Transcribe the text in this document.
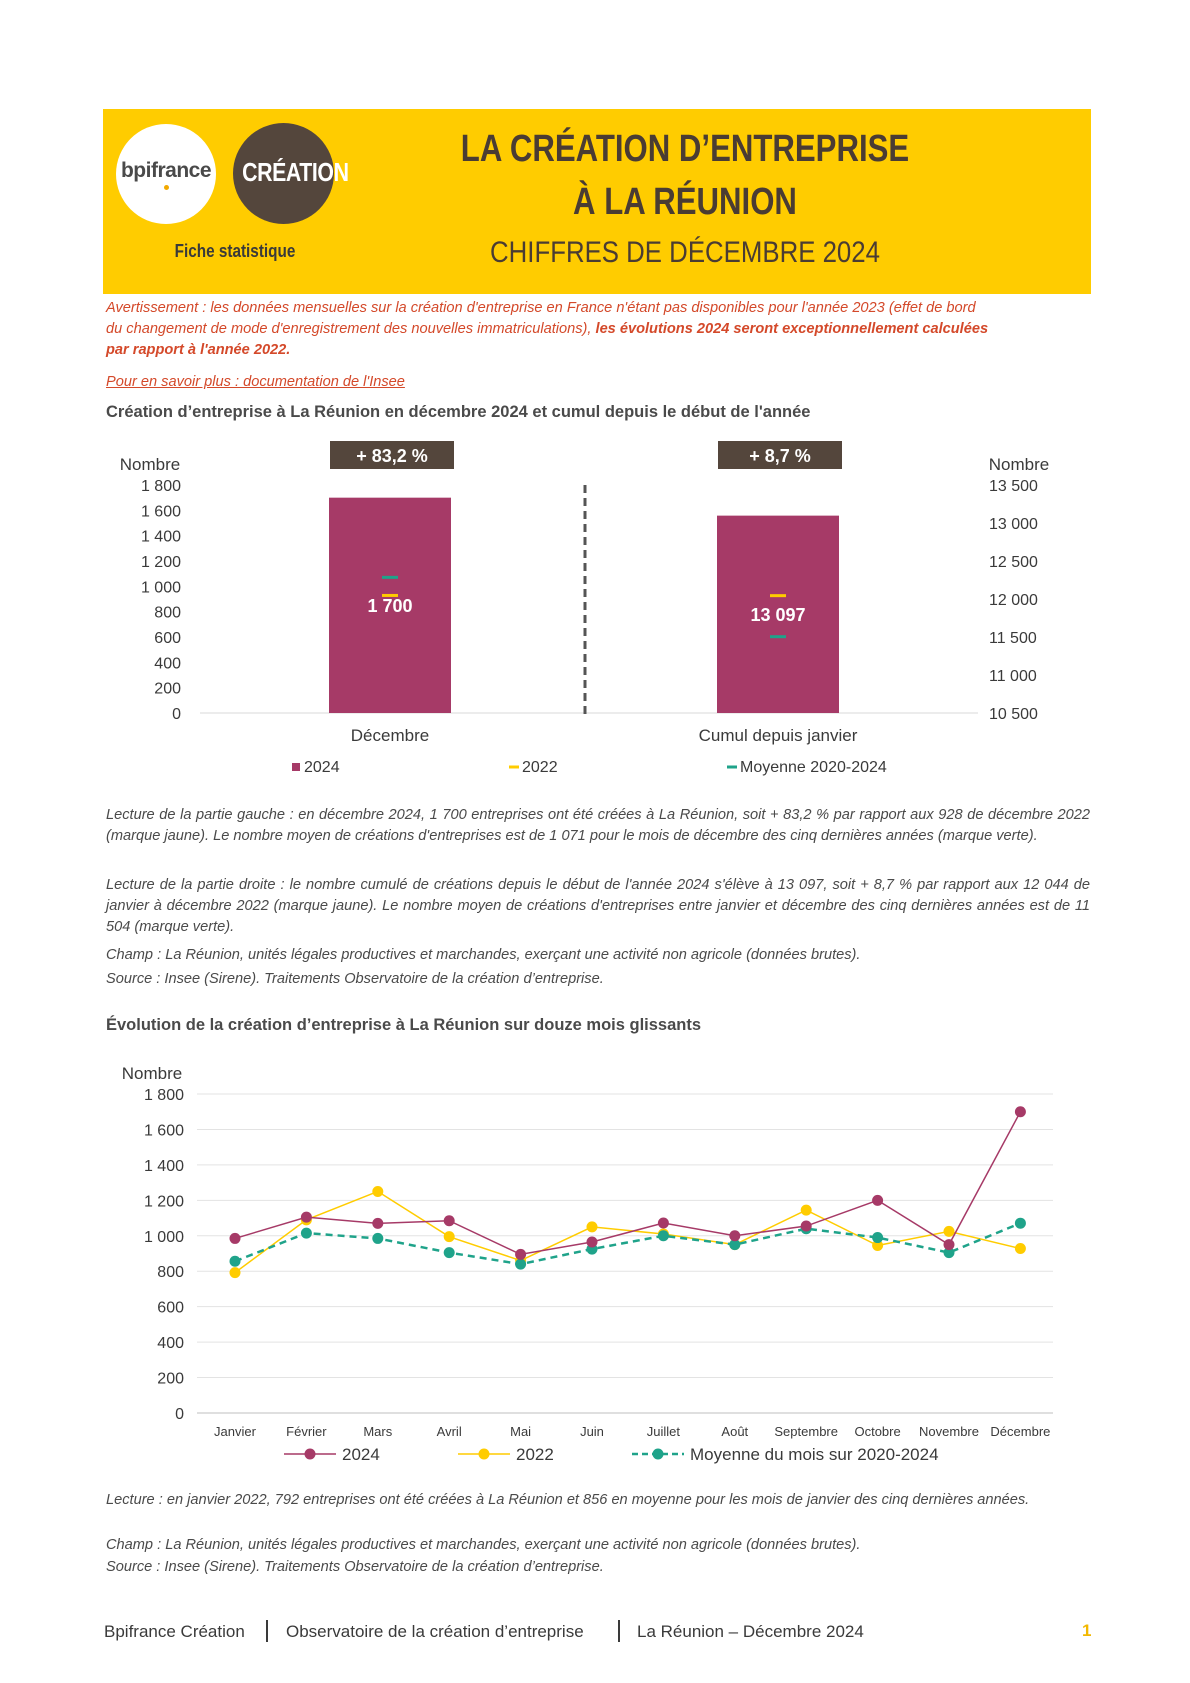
bpifrance CRÉATION
Fiche statistique
LA CRÉATION D’ENTREPRISE
À LA RÉUNION
CHIFFRES DE DÉCEMBRE 2024
Avertissement : les données mensuelles sur la création d'entreprise en France n'étant pas disponibles pour l'année 2023 (effet de bord
du changement de mode d'enregistrement des nouvelles immatriculations), les évolutions 2024 seront exceptionnellement calculées
par rapport à l'année 2022.
Pour en savoir plus : documentation de l'Insee
Création d’entreprise à La Réunion en décembre 2024 et cumul depuis le début de l'année
Nombre	Nombre
0
200
400
600
800
1 000
1 200
1 400
1 600
1 800
10 500
11 000
11 500
12 000
12 500
13 000
13 500
1 700
+ 83,2 %
Décembre
13 097
+ 8,7 %
Cumul depuis janvier
2024	2022	Moyenne 2020-2024
Lecture de la partie gauche : en décembre 2024, 1 700 entreprises ont été créées à La Réunion, soit + 83,2 % par rapport aux 928 de décembre 2022 (marque jaune). Le nombre moyen de créations d'entreprises est de 1 071 pour le mois de décembre des cinq dernières années (marque verte).
Lecture de la partie droite : le nombre cumulé de créations depuis le début de l'année 2024 s'élève à 13 097, soit + 8,7 % par rapport aux 12 044 de janvier à décembre 2022 (marque jaune). Le nombre moyen de créations d'entreprises entre janvier et décembre des cinq dernières années est de 11 504 (marque verte).
Champ : La Réunion, unités légales productives et marchandes, exerçant une activité non agricole (données brutes).
Source : Insee (Sirene). Traitements Observatoire de la création d’entreprise.
Évolution de la création d’entreprise à La Réunion sur douze mois glissants
Nombre
0
200
400
600
800
1 000
1 200
1 400
1 600
1 800
Janvier Février	Mars	Avril	Mai	Juin	Juillet	Août Septembre Octobre Novembre Décembre
2024	2022	Moyenne du mois sur 2020-2024
Lecture : en janvier 2022, 792 entreprises ont été créées à La Réunion et 856 en moyenne pour les mois de janvier des cinq dernières années.
Champ : La Réunion, unités légales productives et marchandes, exerçant une activité non agricole (données brutes).
Source : Insee (Sirene). Traitements Observatoire de la création d’entreprise.
Bpifrance Création Observatoire de la création d’entreprise	La Réunion – Décembre 2024	1
